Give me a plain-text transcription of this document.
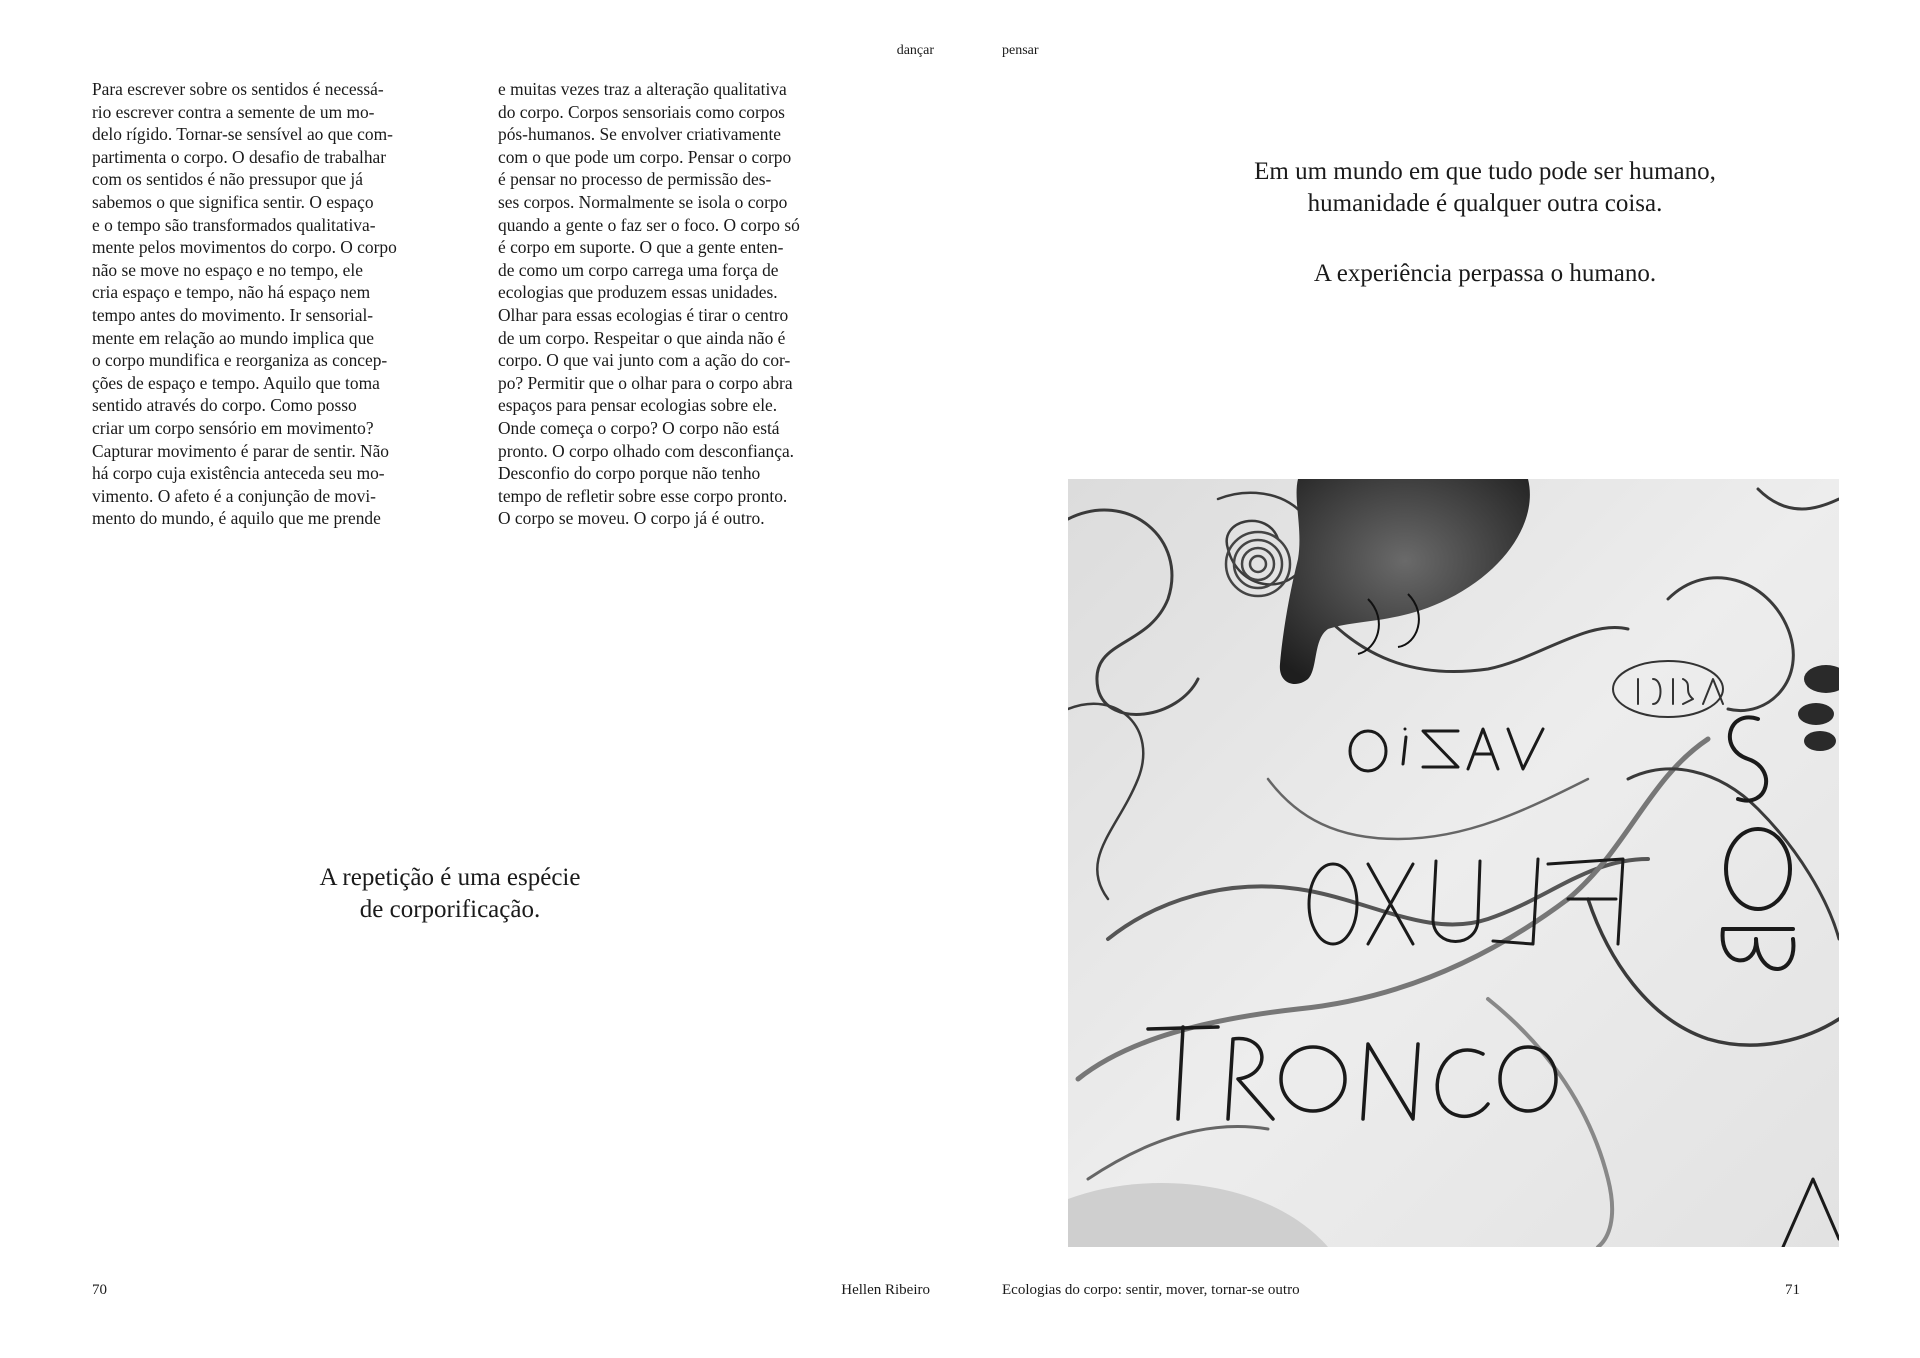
dançar
Para escrever sobre os sentidos é necessá-
rio escrever contra a semente de um mo-
delo rígido. Tornar-se sensível ao que com-
partimenta o corpo. O desafio de trabalhar
com os sentidos é não pressupor que já
sabemos o que significa sentir. O espaço
e o tempo são transformados qualitativa-
mente pelos movimentos do corpo. O corpo
não se move no espaço e no tempo, ele
cria espaço e tempo, não há espaço nem
tempo antes do movimento. Ir sensorial-
mente em relação ao mundo implica que
o corpo mundifica e reorganiza as concep-
ções de espaço e tempo. Aquilo que toma
sentido através do corpo. Como posso
criar um corpo sensório em movimento?
Capturar movimento é parar de sentir. Não
há corpo cuja existência anteceda seu mo-
vimento. O afeto é a conjunção de movi-
mento do mundo, é aquilo que me prende
e muitas vezes traz a alteração qualitativa
do corpo. Corpos sensoriais como corpos
pós-humanos. Se envolver criativamente
com o que pode um corpo. Pensar o corpo
é pensar no processo de permissão des-
ses corpos. Normalmente se isola o corpo
quando a gente o faz ser o foco. O corpo só
é corpo em suporte. O que a gente enten-
de como um corpo carrega uma força de
ecologias que produzem essas unidades.
Olhar para essas ecologias é tirar o centro
de um corpo. Respeitar o que ainda não é
corpo. O que vai junto com a ação do cor-
po? Permitir que o olhar para o corpo abra
espaços para pensar ecologias sobre ele.
Onde começa o corpo? O corpo não está
pronto. O corpo olhado com desconfiança.
Desconfio do corpo porque não tenho
tempo de refletir sobre esse corpo pronto.
O corpo se moveu. O corpo já é outro.
A repetição é uma espécie
de corporificação.
70	Hellen Ribeiro
pensar

Em um mundo em que tudo pode ser humano,

humanidade é qualquer outra coisa.

A experiência perpassa o humano.

Ecologias do corpo: sentir, mover, tornar-se outro	71
